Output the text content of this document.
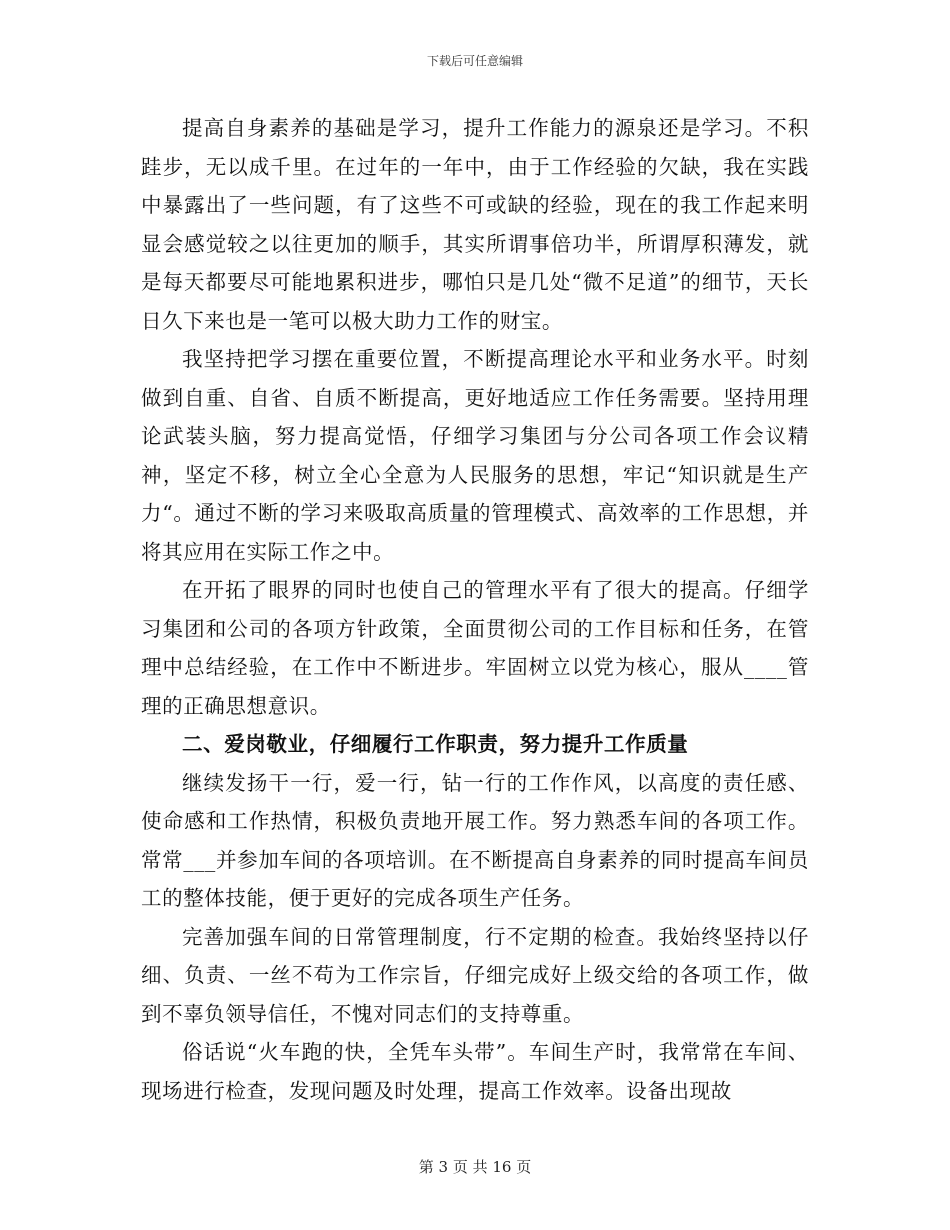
下载后可任意编辑

提高自身素养的基础是学习，提升工作能力的源泉还是学习。不积跬步，无以成千里。在过年的一年中，由于工作经验的欠缺，我在实践中暴露出了一些问题，有了这些不可或缺的经验，现在的我工作起来明显会感觉较之以往更加的顺手，其实所谓事倍功半，所谓厚积薄发，就是每天都要尽可能地累积进步，哪怕只是几处“微不足道”的细节，天长日久下来也是一笔可以极大助力工作的财宝。

我坚持把学习摆在重要位置，不断提高理论水平和业务水平。时刻做到自重、自省、自质不断提高，更好地适应工作任务需要。坚持用理论武装头脑，努力提高觉悟，仔细学习集团与分公司各项工作会议精神，坚定不移，树立全心全意为人民服务的思想，牢记“知识就是生产力“。通过不断的学习来吸取高质量的管理模式、高效率的工作思想，并将其应用在实际工作之中。

在开拓了眼界的同时也使自己的管理水平有了很大的提高。仔细学习集团和公司的各项方针政策，全面贯彻公司的工作目标和任务，在管理中总结经验，在工作中不断进步。牢固树立以党为核心，服从____管理的正确思想意识。

二、爱岗敬业，仔细履行工作职责，努力提升工作质量

继续发扬干一行，爱一行，钻一行的工作作风，以高度的责任感、使命感和工作热情，积极负责地开展工作。努力熟悉车间的各项工作。常常___并参加车间的各项培训。在不断提高自身素养的同时提高车间员工的整体技能，便于更好的完成各项生产任务。

完善加强车间的日常管理制度，行不定期的检查。我始终坚持以仔细、负责、一丝不苟为工作宗旨，仔细完成好上级交给的各项工作，做到不辜负领导信任，不愧对同志们的支持尊重。

俗话说“火车跑的快，全凭车头带”。车间生产时，我常常在车间、现场进行检查，发现问题及时处理，提高工作效率。设备出现故

第 3 页 共 16 页
